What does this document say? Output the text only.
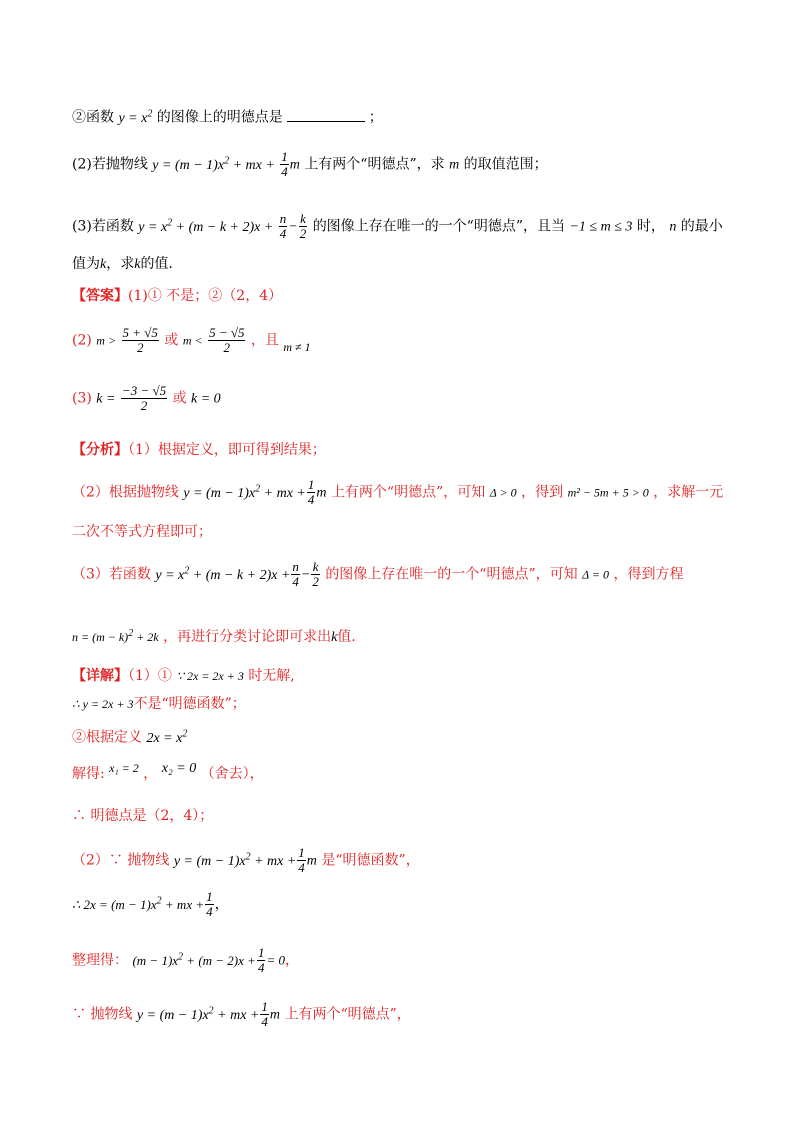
②函数 $y = x^2$ 的图像上的明德点是	；
(2)若抛物线 $y = (m - 1)x^2$ + mx + $\frac{1}{4}$ m 上有两个“明德点”，求 m 的取值范围；
(3)若函数 $y = x^2 + (m - k + 2)x + \frac{n}{4} - \frac{k}{2}$ 的图像上存在唯一的一个“明德点”，且当 −1 ≤ m ≤ 3 时， n 的最小
值为k，求k的值.
【答案】(1)① 不是；②（2，4）
(2) $m > \frac{5 + √5}{2}$ 或 $m < \frac{5 - √5}{2}$ ，且 m ≠ 1
(3) $k = \frac{-3 - √5}{2}$ 或 k = 0
【分析】（1）根据定义，即可得到结果；
（2）根据抛物线 $y = (m - 1)x^2$ + mx + $\frac{1}{4}$ m 上有两个“明德点”，可知 Δ > 0 ，得到 m² − 5m + 5 > 0 ，求解一元
二次不等式方程即可；
（3）若函数 $y = x^2 + (m - k + 2)x + \frac{n}{4} - \frac{k}{2}$ 的图像上存在唯一的一个“明德点”，可知 Δ = 0 ，得到方程
$n = (m - k)^2 + 2k$ ，再进行分类讨论即可求出k值.
【详解】（1）① ∵ 2x = 2x + 3 时无解,
∴ y = 2x + 3不是“明德函数”；
②根据定义 $2x = x^2$
解得: x₁ = 2 ， x₂ = 0 （舍去），
∴ 明德点是（2，4）；
（2）∵ 抛物线 $y = (m - 1)x^2$ + mx + $\frac{1}{4}$ m 是“明德函数”，
∴ $2x = (m - 1)x^2$ + mx + $\frac{1}{4}$ ，
整理得： $(m - 1)x^2 + (m - 2)x + \frac{1}{4} = 0$，
∵ 抛物线 $y = (m - 1)x^2$ + mx + $\frac{1}{4}$ m 上有两个“明德点”，
